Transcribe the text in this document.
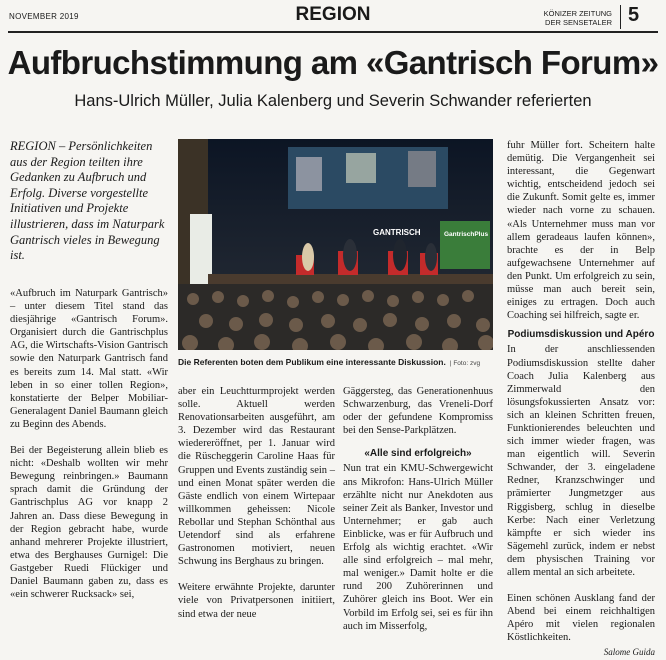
NOVEMBER 2019	REGION	KÖNIZER ZEITUNG
DER SENSETALER 5
Aufbruchstimmung am «Gantrisch Forum»
Hans-Ulrich Müller, Julia Kalenberg und Severin Schwander referierten
REGION – Persönlichkeiten aus der Region teilten ihre Gedanken zu Aufbruch und Erfolg. Diverse vorgestellte Initiativen und Projekte illustrieren, dass im Naturpark Gantrisch vieles in Bewegung ist.

«Aufbruch im Naturpark Gantrisch» – unter diesem Titel stand das diesjährige «Gantrisch Forum». Organisiert durch die Gantrischplus AG, die Wirtschafts-Vision Gantrisch sowie den Naturpark Gantrisch fand es bereits zum 14. Mal statt. «Wir leben in so einer tollen Region», konstatierte der Belper Mobiliar-Generalagent Daniel Baumann gleich zu Beginn des Abends.

Bei der Begeisterung allein blieb es nicht: «Deshalb wollten wir mehr Bewegung reinbringen.» Baumann sprach damit die Gründung der Gantrischplus AG vor knapp 2 Jahren an. Dass diese Bewegung in der Region gebracht habe, wurde anhand mehrerer Projekte illustriert, etwa des Berghauses Gurnigel: Die Gastgeber Ruedi Flückiger und Daniel Baumann gaben zu, dass es «ein schwerer Rucksack» sei,

GANTRISCH	GantrischPlus
Die Referenten boten dem Publikum eine interessante Diskussion. | Foto: zvg

aber ein Leuchtturmprojekt werden solle. Aktuell werden Renovationsarbeiten ausgeführt, am 3. Dezember wird das Restaurant wiedereröffnet, per 1. Januar wird die Rüscheggerin Caroline Haas für Gruppen und Events zuständig sein – und einen Monat später werden die Gäste endlich von einem Wirtepaar willkommen geheissen: Nicole Rebollar und Stephan Schönthal aus Uetendorf sind als erfahrene Gastronomen motiviert, neuen Schwung ins Berghaus zu bringen.

Weitere erwähnte Projekte, darunter viele von Privatpersonen initiiert, sind etwa der neue

Gäggersteg, das Generationenhuus Schwarzenburg, das Vreneli-Dorf oder der gefundene Kompromiss bei den Sense-Parkplätzen.

«Alle sind erfolgreich»

Nun trat ein KMU-Schwergewicht ans Mikrofon: Hans-Ulrich Müller erzählte nicht nur Anekdoten aus seiner Zeit als Banker, Investor und Unternehmer; er gab auch Einblicke, was er für Aufbruch und Erfolg als wichtig erachtet. «Wir alle sind erfolgreich – mal mehr, mal weniger.» Damit holte er die rund 200 Zuhörerinnen und Zuhörer gleich ins Boot. Wer ein Vorbild im Erfolg sei, sei es für ihn auch im Misserfolg,

fuhr Müller fort. Scheitern halte demütig. Die Vergangenheit sei interessant, die Gegenwart wichtig, entscheidend jedoch sei die Zukunft. Somit gelte es, immer wieder nach vorne zu schauen. «Als Unternehmer muss man vor allem geradeaus laufen können», brachte es der in Belp aufgewachsene Unternehmer auf den Punkt. Um erfolgreich zu sein, müsse man auch bereit sein, einiges zu ertragen. Doch auch Coaching sei hilfreich, sagte er.

Podiumsdiskussion und Apéro

In der anschliessenden Podiumsdiskussion stellte daher Coach Julia Kalenberg aus Zimmerwald den lösungsfokussierten Ansatz vor: sich an kleinen Schritten freuen, Funktionierendes beleuchten und sich immer wieder fragen, was man eigentlich will. Severin Schwander, der 3. eingeladene Redner, Kranzschwinger und prämierter Jungmetzger aus Riggisberg, schlug in dieselbe Kerbe: Nach einer Verletzung kämpfte er sich wieder ins Sägemehl zurück, indem er nebst dem physischen Training vor allem mental an sich arbeitete.

Einen schönen Ausklang fand der Abend bei einem reichhaltigen Apéro mit vielen regionalen Köstlichkeiten.

Salome Guida
